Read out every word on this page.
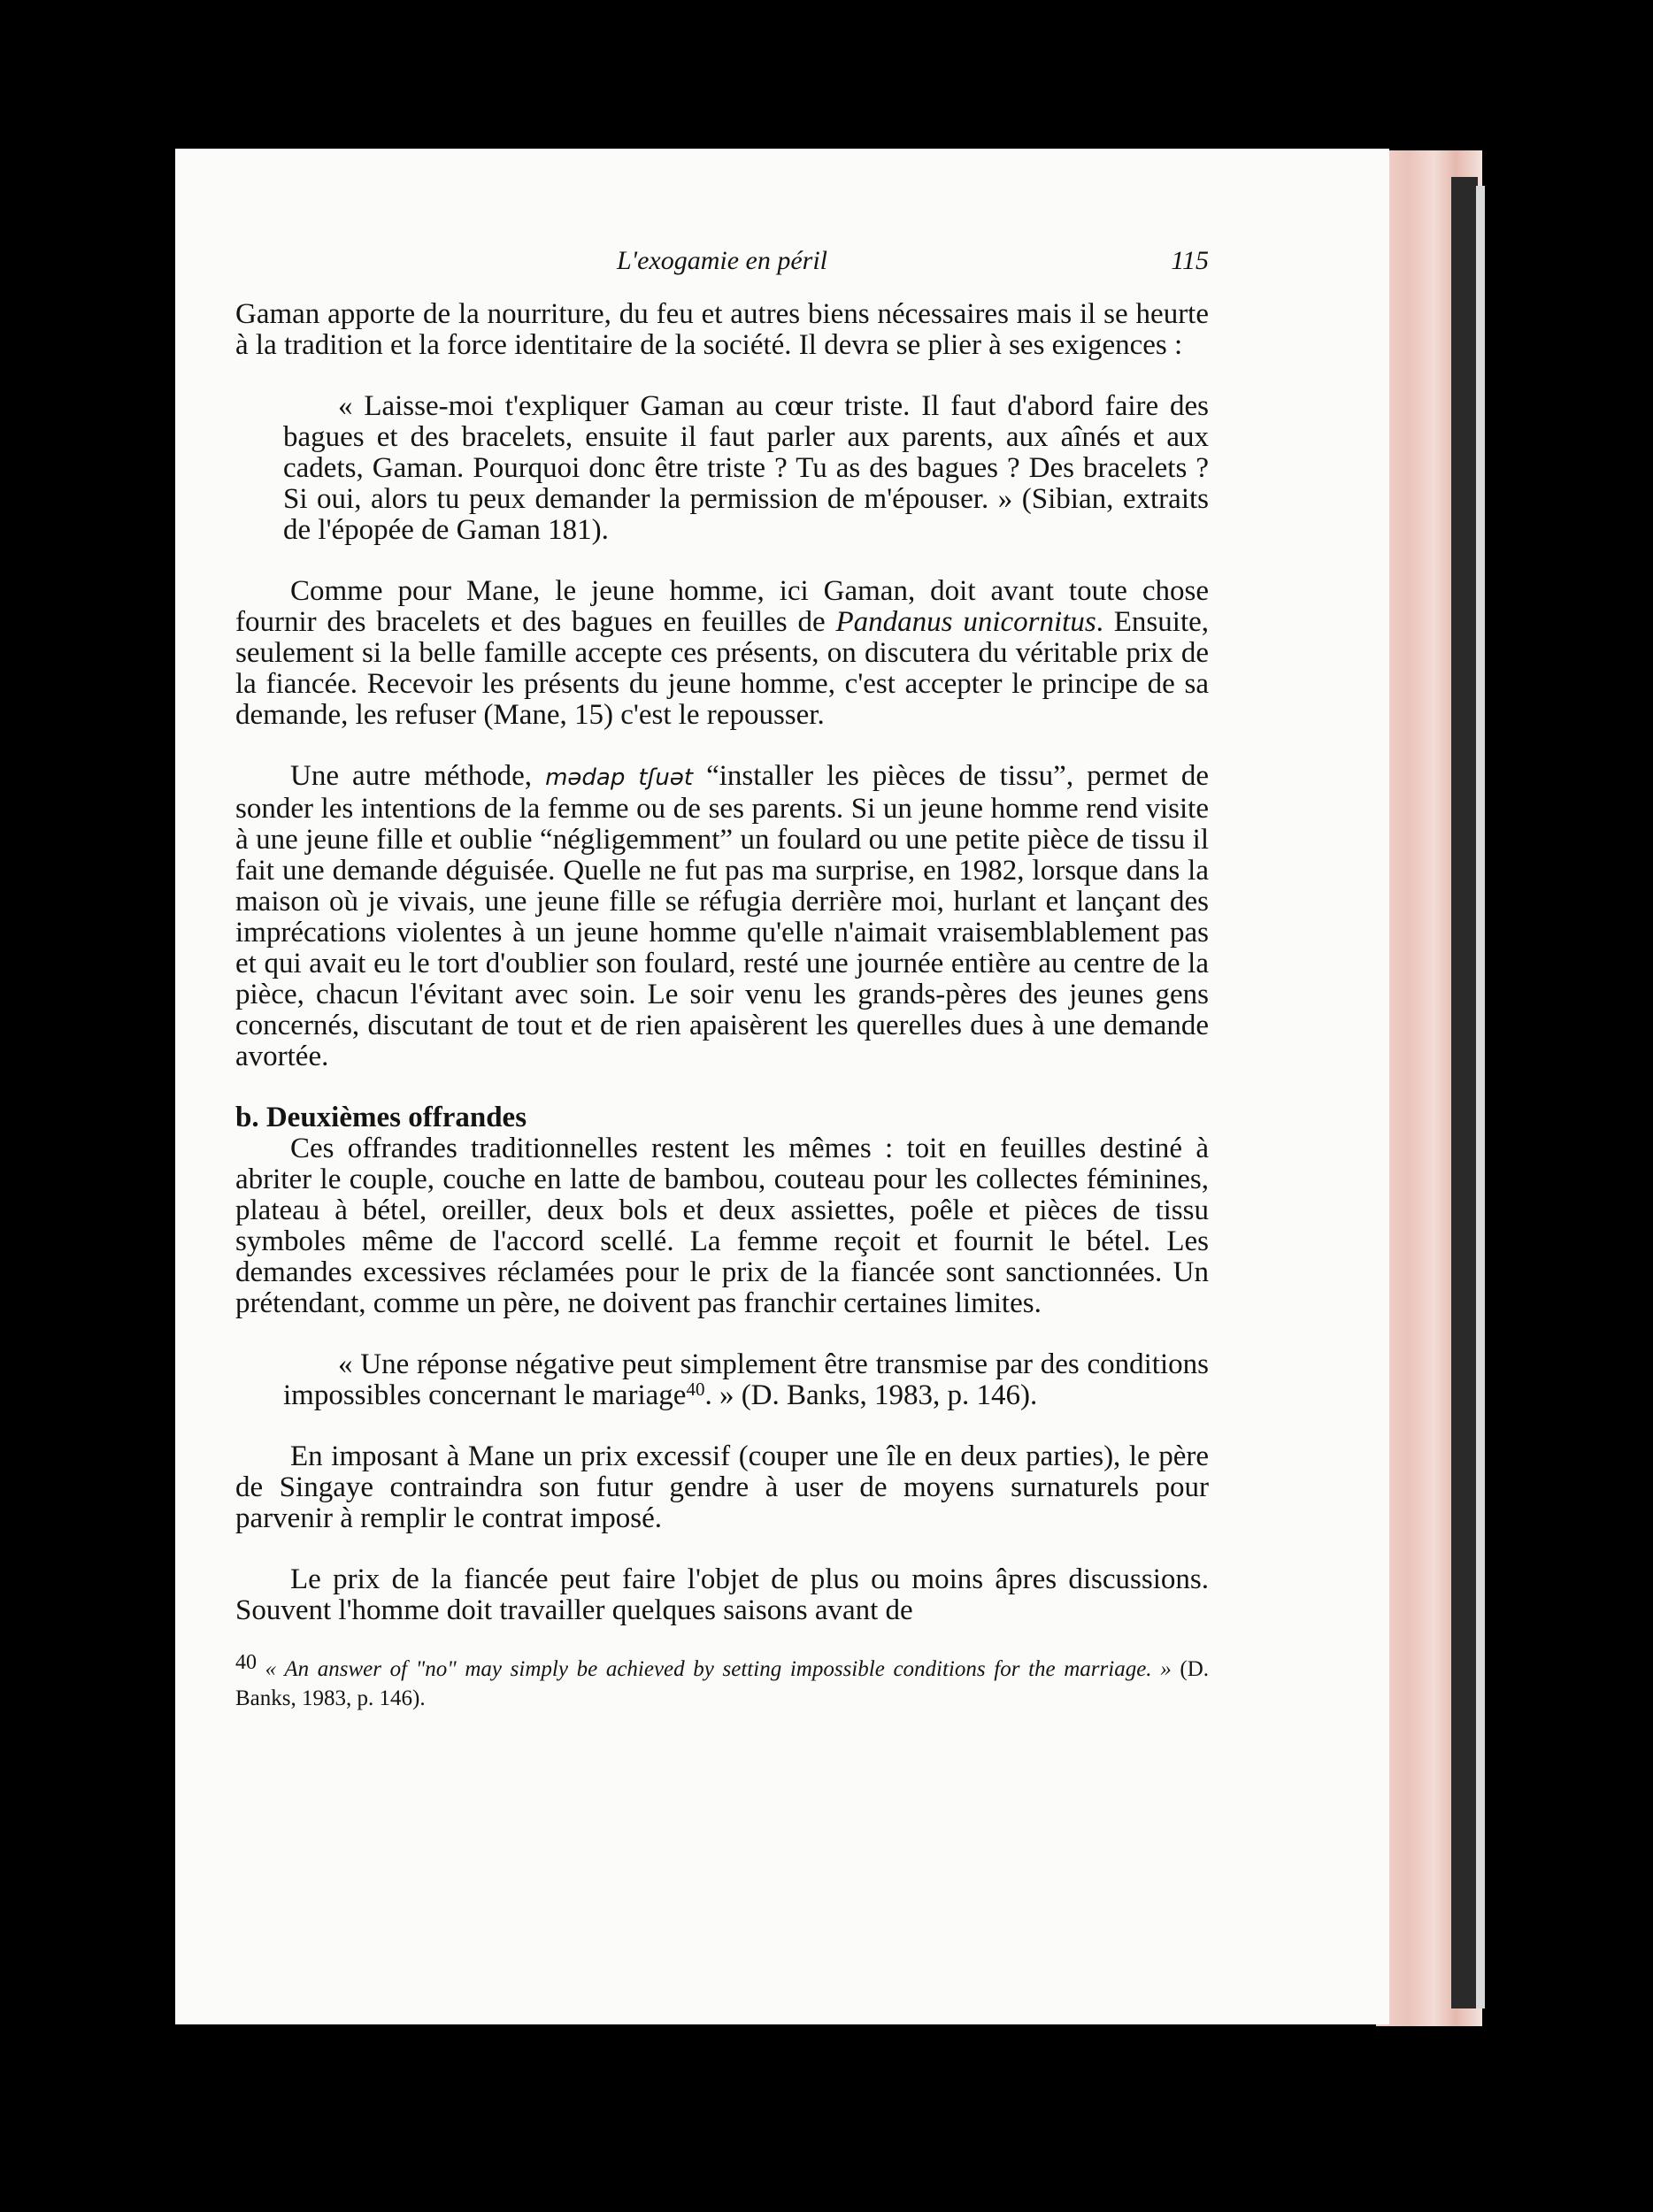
L'exogamie en péril	115

Gaman apporte de la nourriture, du feu et autres biens nécessaires mais il se heurte à la tradition et la force identitaire de la société. Il devra se plier à ses exigences :

« Laisse-moi t'expliquer Gaman au cœur triste. Il faut d'abord faire des bagues et des bracelets, ensuite il faut parler aux parents, aux aînés et aux cadets, Gaman. Pourquoi donc être triste ? Tu as des bagues ? Des bracelets ? Si oui, alors tu peux demander la permission de m'épouser. » (Sibian, extraits de l'épopée de Gaman 181).

Comme pour Mane, le jeune homme, ici Gaman, doit avant toute chose fournir des bracelets et des bagues en feuilles de Pandanus unicornitus. Ensuite, seulement si la belle famille accepte ces présents, on discutera du véritable prix de la fiancée. Recevoir les présents du jeune homme, c'est accepter le principe de sa demande, les refuser (Mane, 15) c'est le repousser.

Une autre méthode, mədap tʃuət “installer les pièces de tissu”, permet de sonder les intentions de la femme ou de ses parents. Si un jeune homme rend visite à une jeune fille et oublie “négligemment” un foulard ou une petite pièce de tissu il fait une demande déguisée. Quelle ne fut pas ma surprise, en 1982, lorsque dans la maison où je vivais, une jeune fille se réfugia derrière moi, hurlant et lançant des imprécations violentes à un jeune homme qu'elle n'aimait vraisemblablement pas et qui avait eu le tort d'oublier son foulard, resté une journée entière au centre de la pièce, chacun l'évitant avec soin. Le soir venu les grands-pères des jeunes gens concernés, discutant de tout et de rien apaisèrent les querelles dues à une demande avortée.

b. Deuxièmes offrandes

Ces offrandes traditionnelles restent les mêmes : toit en feuilles destiné à abriter le couple, couche en latte de bambou, couteau pour les collectes féminines, plateau à bétel, oreiller, deux bols et deux assiettes, poêle et pièces de tissu symboles même de l'accord scellé. La femme reçoit et fournit le bétel. Les demandes excessives réclamées pour le prix de la fiancée sont sanctionnées. Un prétendant, comme un père, ne doivent pas franchir certaines limites.

« Une réponse négative peut simplement être transmise par des conditions impossibles concernant le mariage$^{40}$. » (D. Banks, 1983, p. 146).

En imposant à Mane un prix excessif (couper une île en deux parties), le père de Singaye contraindra son futur gendre à user de moyens surnaturels pour parvenir à remplir le contrat imposé.

Le prix de la fiancée peut faire l'objet de plus ou moins âpres discussions. Souvent l'homme doit travailler quelques saisons avant de

40 « An answer of "no" may simply be achieved by setting impossible conditions for the marriage. » (D. Banks, 1983, p. 146).
